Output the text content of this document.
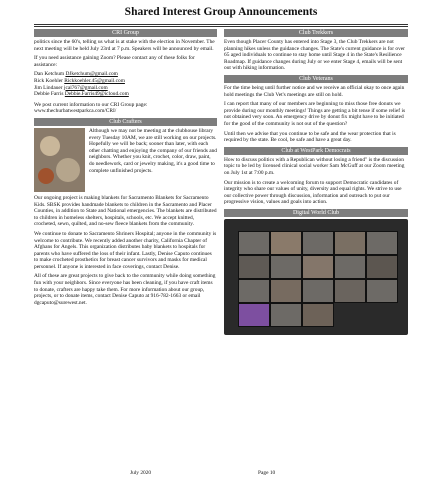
Shared Interest Group Announcements
CRI Group

politics since the 60's, telling us what is at stake with the election in November. The next meeting will be held July 23rd at 7 p.m. Speakers will be announced by email.

If you need assistance gaining Zoom? Please contact any of these folks for assistance:

Dan Ketchum DJketchum@gmail.com
Rick Koehler Rickkoehler.45@gmail.com
Jim Lindauer jcal767@gmail.com
Debbie Farris Debbie.Farris49@icloud.com

We post current information to our CRI Group page: www.thechurbatwestparkca.com/CRI/

Club Crafters

Although we may not be meeting at the clubhouse library every Tuesday 10AM, we are still working on our projects. Hopefully we will be back; sooner than later, with each other chatting and enjoying the company of our friends and neighbors. Whether you knit, crochet, color, draw, paint, do needlework, card or jewelry making, it's a good time to complete unfinished projects.

Our ongoing project is making blankets for Sacramento Blankets for Sacramento Kids. SBSK provides handmade blankets to children in the Sacramento and Placer Counties, in addition to State and National emergencies. The blankets are distributed to children in homeless shelters, hospitals, schools, etc. We accept knitted, crocheted, sewn, quilted, and no-sew fleece blankets from the community.

We continue to donate to Sacramento Shriners Hospital; anyone in the community is welcome to contribute. We recently added another charity, California Chapter of Afghans for Angels. This organization distributes baby blankets to hospitals for parents who have suffered the loss of their infant. Lastly, Denise Caputo continues to make crocheted prosthetics for breast cancer survivors and masks for medical personnel. If anyone is interested in face coverings, contact Denise.

All of these are great projects to give back to the community while doing something fun with your neighbors. Since everyone has been cleaning, if you have craft items to donate, crafters are happy take them. For more information about our group, projects, or to donate items, contact Denise Caputo at 916-782-1663 or email dgcaputo@surewest.net.

Club Trekkers

Even though Placer County has entered into Stage 3, the Club Trekkers are not planning hikes unless the guidance changes. The State's current guidance is for over 65 aged individuals to continue to stay home until Stage 4 in the State's Resilience Roadmap. If guidance changes during July or we enter Stage 4, emails will be sent out with hiking information.

Club Veterans

For the time being until further notice and we receive an official okay to once again hold meetings the Club Vet's meetings are still on hold.

I can report that many of our members are beginning to miss those free donuts we provide during our monthly meetings! Things are getting a bit tense if some relief is not obtained very soon. An emergency drive by donut fix might have to be initiated for the good of the community is not out of the question?

Until then we advise that you continue to be safe and the wear protection that is required by the state. Be cool, be safe and have a great day.

Club at WestPark Democrats

How to discuss politics with a Republican without losing a friend" is the discussion topic to be led by licensed clinical social worker Sam McGuff at our Zoom meeting on July 1st at 7:00 p.m.

Our mission is to create a welcoming forum to support Democratic candidates of integrity who share our values of unity, diversity and equal rights. We strive to use our collective power through discussion, information and outreach to put our progressive vision, values and goals into action.

Digital World Club
July 2020	Page 10
